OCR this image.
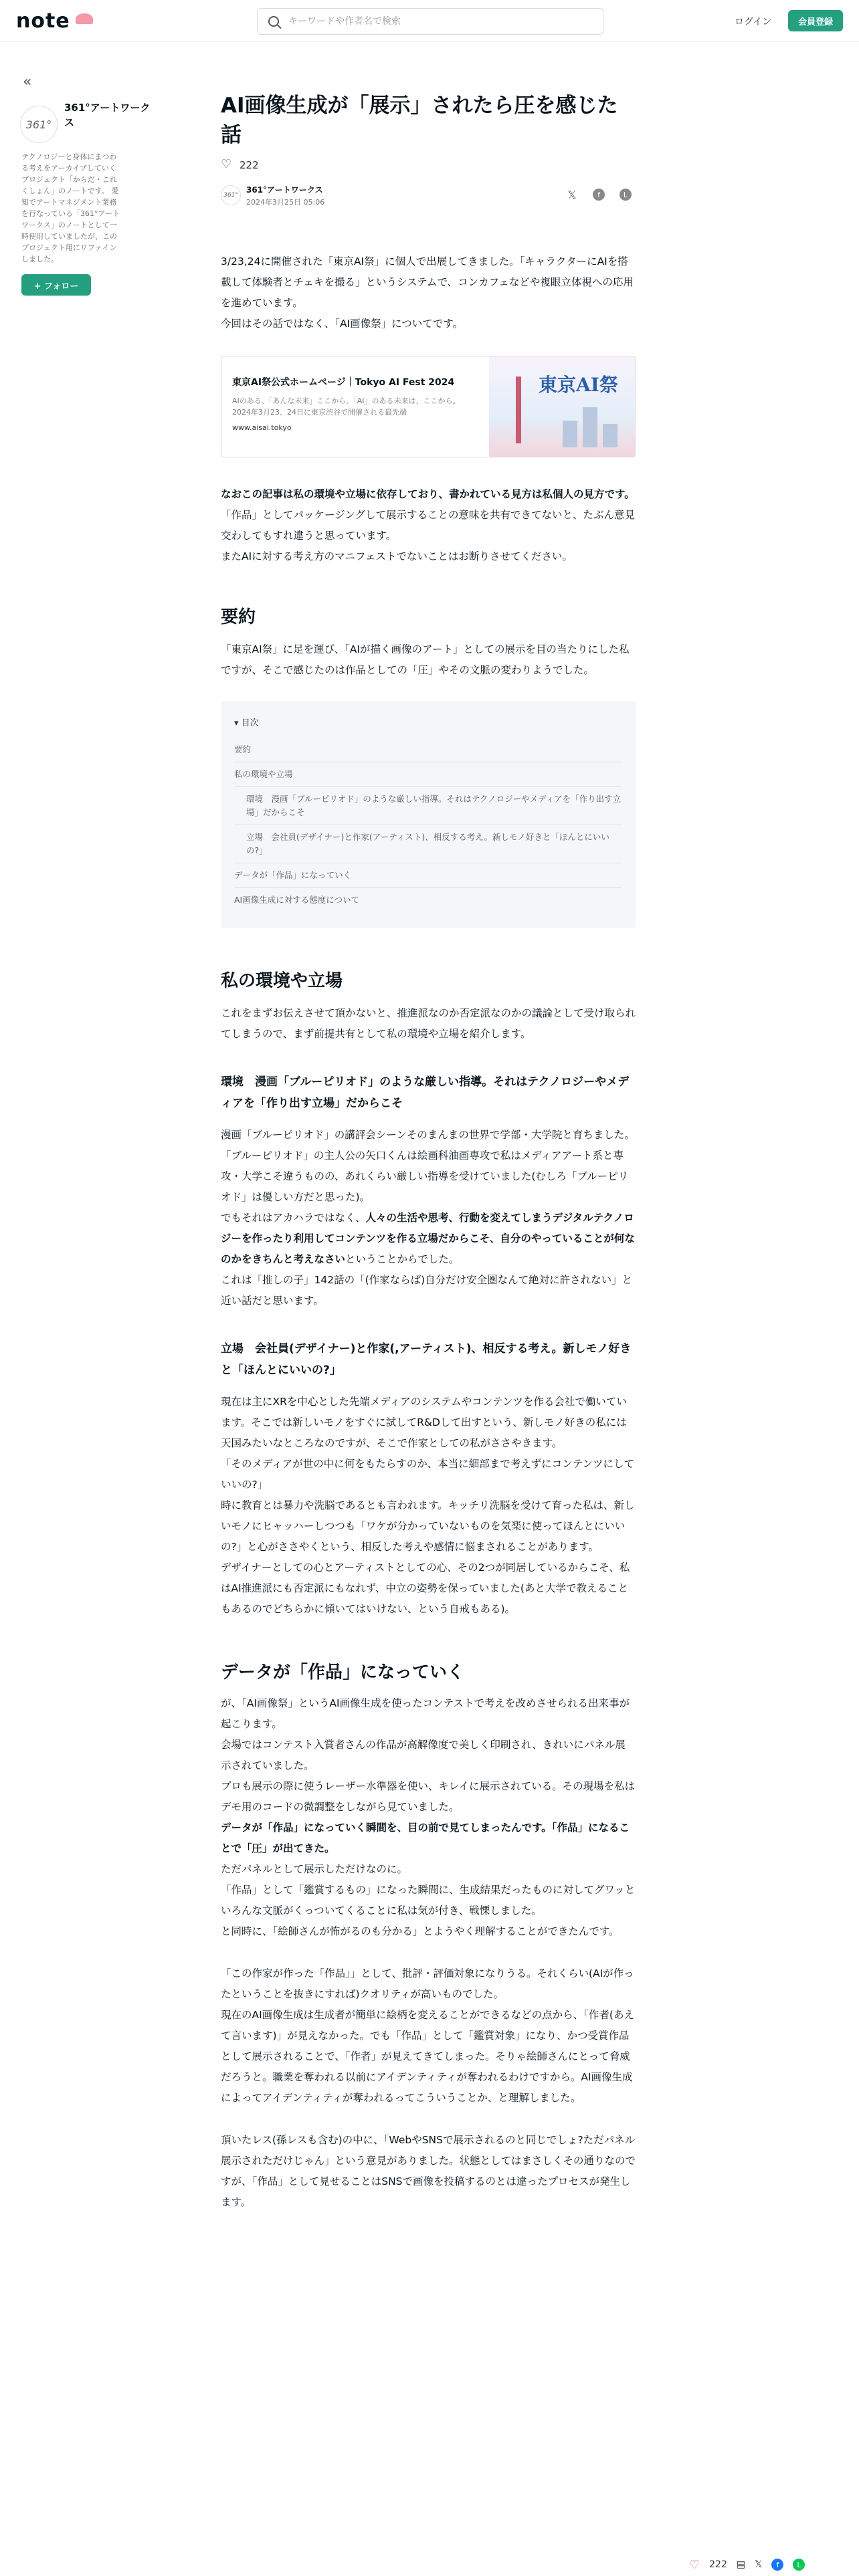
note
キーワードや作者名で検索	ログイン	会員登録
«
361°
361°アートワークス
テクノロジーと身体にまつわる考えをアーカイブしていくプロジェクト「からだ・これくしょん」のノートです。 愛知でアートマネジメント業務を行なっている「361°アートワークス」のノートとして一時使用していましたが、このプロジェクト用にリファインしました。
+ フォロー
AI画像生成が「展示」されたら圧を感じた話
♡
222
361°
361°アートワークス
2024年3月25日 05:06
𝕏	f	L

3/23,24に開催された「東京AI祭」に個人で出展してきました。「キャラクターにAIを搭載して体験者とチェキを撮る」というシステムで、コンカフェなどや複眼立体視への応用を進めています。

今回はその話ではなく、「AI画像祭」についてです。

東京AI祭公式ホームページ｜Tokyo AI Fest 2024
AIのある、「あんな未来」ここから。「AI」のある未来は、ここから。2024年3月23、24日に東京渋谷で開催される最先端
www.aisai.tokyo
東京AI祭

なおこの記事は私の環境や立場に依存しており、書かれている見方は私個人の見方です。「作品」としてパッケージングして展示することの意味を共有できてないと、たぶん意見交わしてもすれ違うと思っています。

またAIに対する考え方のマニフェストでないことはお断りさせてください。

要約
「東京AI祭」に足を運び、「AIが描く画像のアート」としての展示を目の当たりにした私ですが、そこで感じたのは作品としての「圧」やその文脈の変わりようでした。
▾ 目次
要約
私の環境や立場
環境　漫画「ブルーピリオド」のような厳しい指導。それはテクノロジーやメディアを「作り出す立場」だからこそ
立場　会社員(デザイナー)と作家(アーティスト)、相反する考え。新しモノ好きと「ほんとにいいの?」
データが「作品」になっていく
AI画像生成に対する態度について
私の環境や立場
これをまずお伝えさせて頂かないと、推進派なのか否定派なのかの議論として受け取られてしまうので、まず前提共有として私の環境や立場を紹介します。
環境　漫画「ブルーピリオド」のような厳しい指導。それはテクノロジーやメディアを「作り出す立場」だからこそ

漫画「ブルーピリオド」の講評会シーンそのまんまの世界で学部・大学院と育ちました。「ブルーピリオド」の主人公の矢口くんは絵画科油画専攻で私はメディアアート系と専攻・大学こそ違うものの、あれくらい厳しい指導を受けていました(むしろ「ブルーピリオド」は優しい方だと思った)。

でもそれはアカハラではなく、人々の生活や思考、行動を変えてしまうデジタルテクノロジーを作ったり利用してコンテンツを作る立場だからこそ、自分のやっていることが何なのかをきちんと考えなさいということからでした。

これは「推しの子」142話の「(作家ならば)自分だけ安全圏なんて絶対に許されない」と近い話だと思います。

立場　会社員(デザイナー)と作家(,アーティスト)、相反する考え。新しモノ好きと「ほんとにいいの?」

現在は主にXRを中心とした先端メディアのシステムやコンテンツを作る会社で働いています。そこでは新しいモノをすぐに試してR&Dして出すという、新しモノ好きの私には天国みたいなところなのですが、そこで作家としての私がささやきます。

「そのメディアが世の中に何をもたらすのか、本当に細部まで考えずにコンテンツにしていいの?」

時に教育とは暴力や洗脳であるとも言われます。キッチリ洗脳を受けて育った私は、新しいモノにヒャッハーしつつも「ワケが分かっていないものを気楽に使ってほんとにいいの?」と心がささやくという、相反した考えや感情に悩まされることがあります。

デザイナーとしての心とアーティストとしての心、その2つが同居しているからこそ、私はAI推進派にも否定派にもなれず、中立の姿勢を保っていました(あと大学で教えることもあるのでどちらかに傾いてはいけない、という自戒もある)。

データが「作品」になっていく

が、「AI画像祭」というAI画像生成を使ったコンテストで考えを改めさせられる出来事が起こります。

会場ではコンテスト入賞者さんの作品が高解像度で美しく印刷され、きれいにパネル展示されていました。

プロも展示の際に使うレーザー水準器を使い、キレイに展示されている。その現場を私はデモ用のコードの微調整をしながら見ていました。

データが「作品」になっていく瞬間を、目の前で見てしまったんです。「作品」になることで「圧」が出てきた。

ただパネルとして展示しただけなのに。

「作品」として「鑑賞するもの」になった瞬間に、生成結果だったものに対してグワッといろんな文脈がくっついてくることに私は気が付き、戦慄しました。

と同時に、「絵師さんが怖がるのも分かる」とようやく理解することができたんです。

「この作家が作った「作品」」として、批評・評価対象になりうる。それくらい(AIが作ったということを抜きにすれば)クオリティが高いものでした。

現在のAI画像生成は生成者が簡単に絵柄を変えることができるなどの点から、「作者(あえて言います)」が見えなかった。でも「作品」として「鑑賞対象」になり、かつ受賞作品として展示されることで、「作者」が見えてきてしまった。そりゃ絵師さんにとって脅威だろうと。職業を奪われる以前にアイデンティティが奪われるわけですから。AI画像生成によってアイデンティティが奪われるってこういうことか、と理解しました。

頂いたレス(孫レスも含む)の中に、「WebやSNSで展示されるのと同じでしょ?ただパネル展示されただけじゃん」という意見がありました。状態としてはまさしくその通りなのですが、「作品」として見せることはSNSで画像を投稿するのとは違ったプロセスが発生します。

♡ 222 ▤ 𝕏	f	L
